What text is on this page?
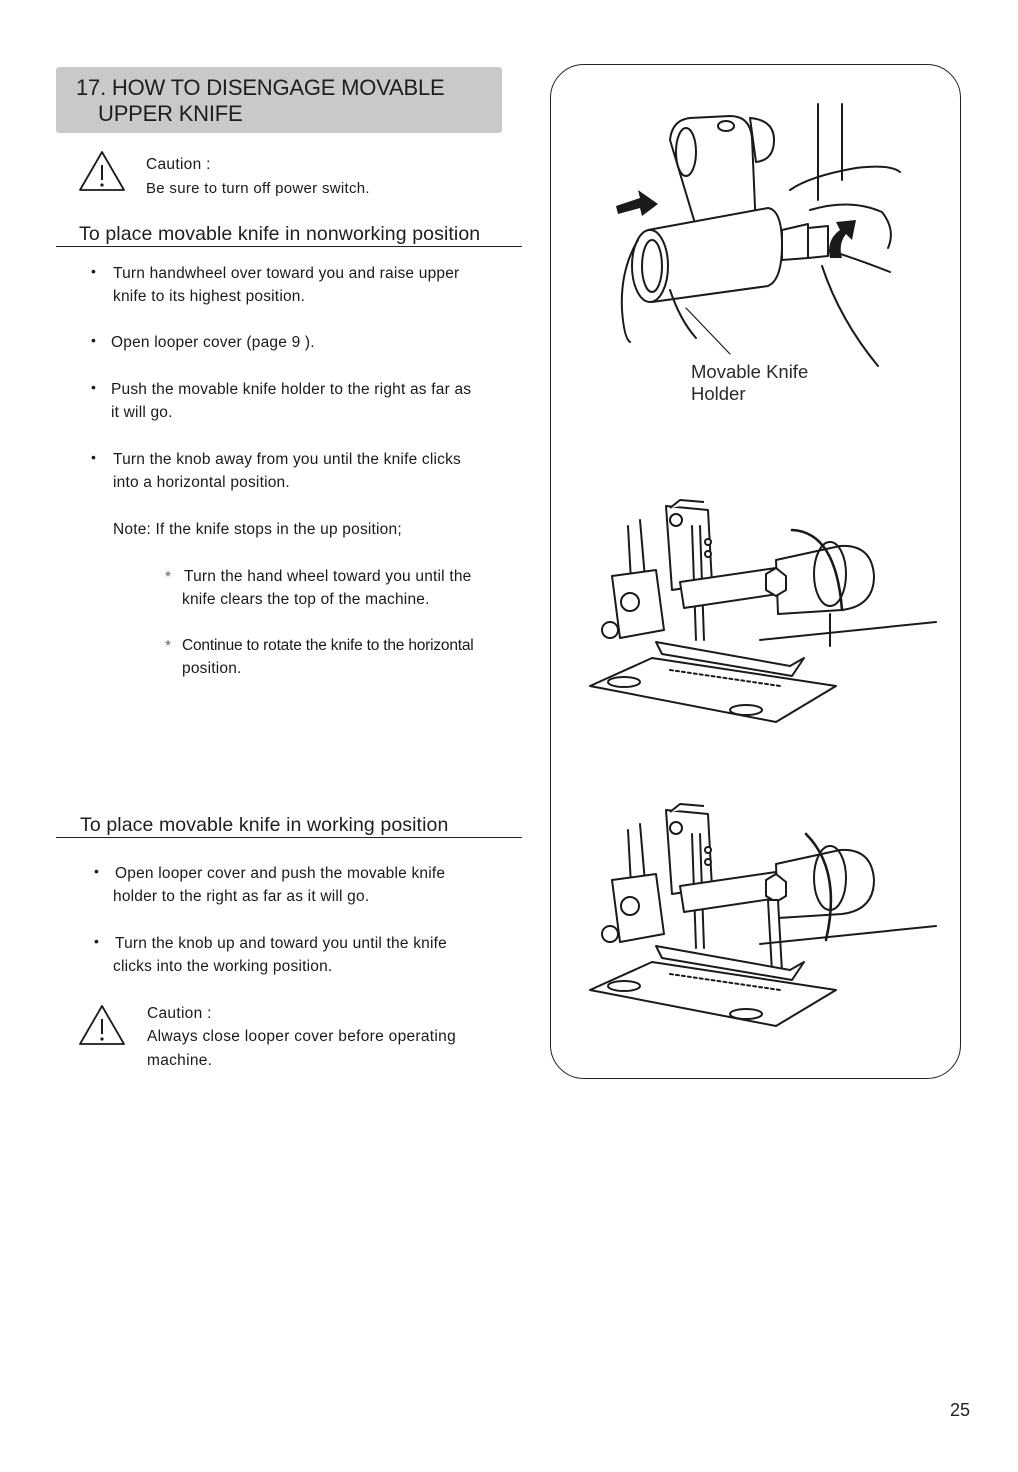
17. HOW TO DISENGAGE MOVABLE
UPPER KNIFE
Caution :
Be sure to turn off power switch.
To place movable knife in nonworking position
• Turn handwheel over toward you and raise upper
knife to its highest position.
• Open looper cover (page 9 ).
• Push the movable knife holder to the right as far as
it will go.
• Turn the knob away from you until the knife clicks
into a horizontal position.
Note: If the knife stops in the up position;
* Turn the hand wheel toward you until the
knife clears the top of the machine.
* Continue to rotate the knife to the horizontal
position.
To place movable knife in working position
• Open looper cover and push the movable knife
holder to the right as far as it will go.
• Turn the knob up and toward you until the knife
clicks into the working position.
Caution :
Always close looper cover before operating
machine.
Movable Knife
Holder
25
